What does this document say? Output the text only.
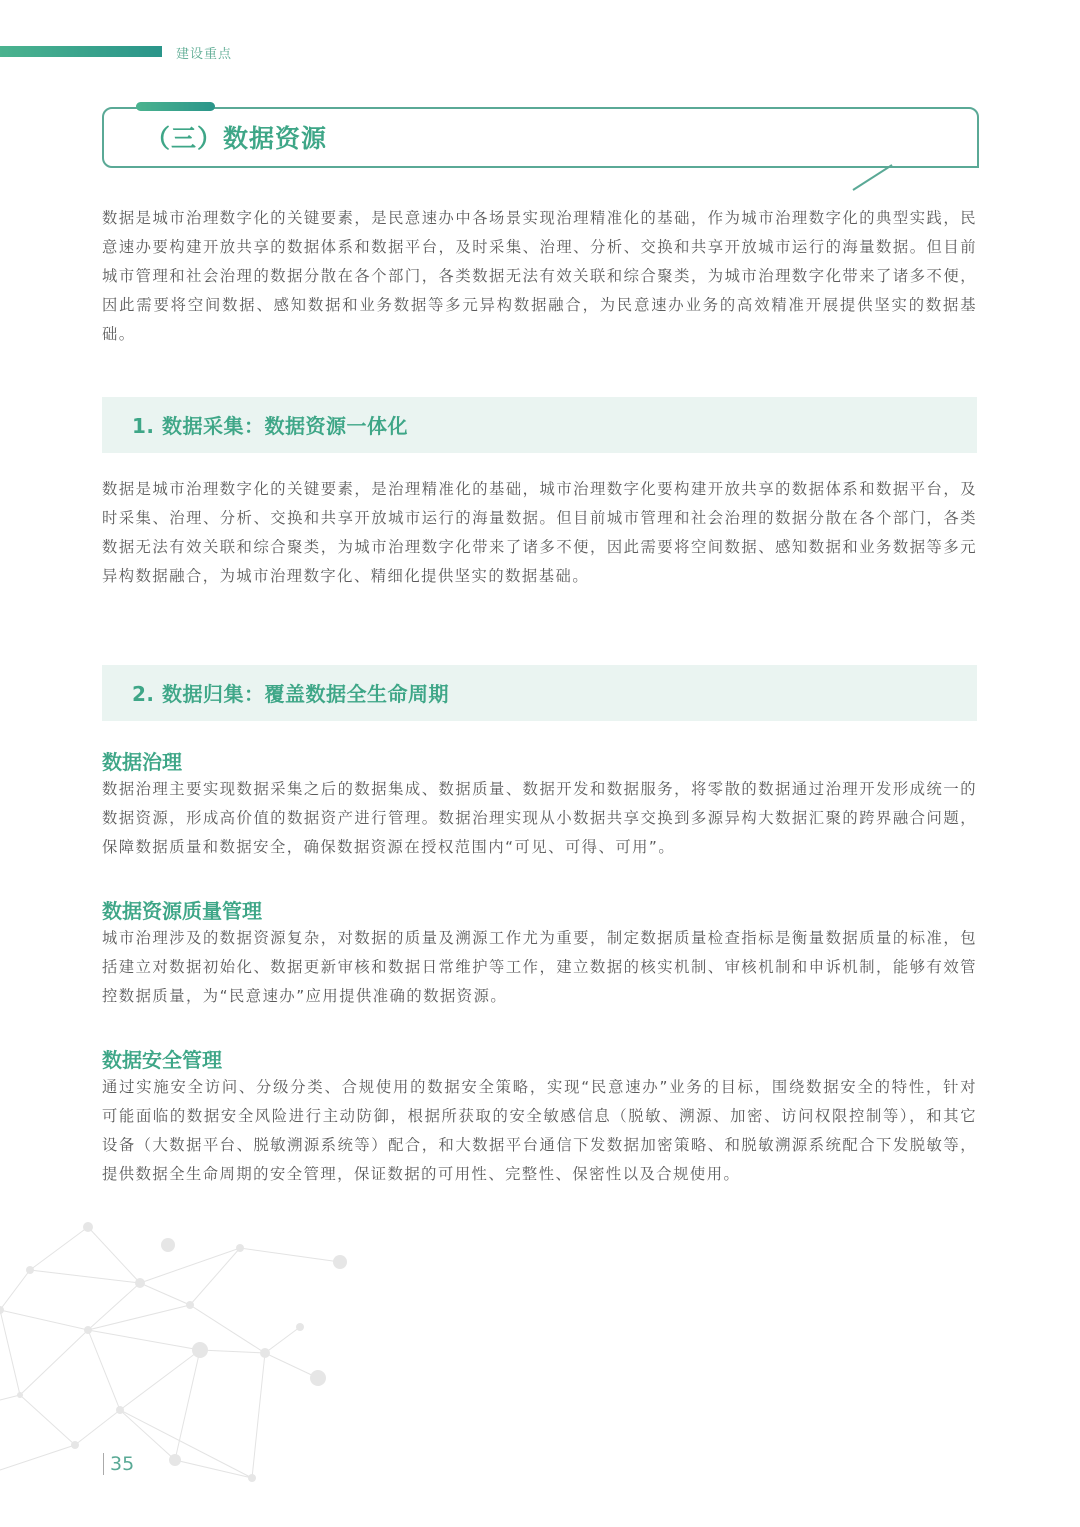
建设重点
（三）数据资源

数据是城市治理数字化的关键要素，是民意速办中各场景实现治理精准化的基础，作为城市治理数字化的典型实践，民意速办要构建开放共享的数据体系和数据平台，及时采集、治理、分析、交换和共享开放城市运行的海量数据。但目前城市管理和社会治理的数据分散在各个部门，各类数据无法有效关联和综合聚类，为城市治理数字化带来了诸多不便，因此需要将空间数据、感知数据和业务数据等多元异构数据融合，为民意速办业务的高效精准开展提供坚实的数据基础。

1. 数据采集：数据资源一体化

数据是城市治理数字化的关键要素，是治理精准化的基础，城市治理数字化要构建开放共享的数据体系和数据平台，及时采集、治理、分析、交换和共享开放城市运行的海量数据。但目前城市管理和社会治理的数据分散在各个部门，各类数据无法有效关联和综合聚类，为城市治理数字化带来了诸多不便，因此需要将空间数据、感知数据和业务数据等多元异构数据融合，为城市治理数字化、精细化提供坚实的数据基础。

2. 数据归集：覆盖数据全生命周期
数据治理

数据治理主要实现数据采集之后的数据集成、数据质量、数据开发和数据服务，将零散的数据通过治理开发形成统一的数据资源，形成高价值的数据资产进行管理。数据治理实现从小数据共享交换到多源异构大数据汇聚的跨界融合问题，保障数据质量和数据安全，确保数据资源在授权范围内“可见、可得、可用”。

数据资源质量管理

城市治理涉及的数据资源复杂，对数据的质量及溯源工作尤为重要，制定数据质量检查指标是衡量数据质量的标准，包括建立对数据初始化、数据更新审核和数据日常维护等工作，建立数据的核实机制、审核机制和申诉机制，能够有效管控数据质量，为“民意速办”应用提供准确的数据资源。

数据安全管理

通过实施安全访问、分级分类、合规使用的数据安全策略，实现“民意速办”业务的目标，围绕数据安全的特性，针对可能面临的数据安全风险进行主动防御，根据所获取的安全敏感信息（脱敏、溯源、加密、访问权限控制等），和其它设备（大数据平台、脱敏溯源系统等）配合，和大数据平台通信下发数据加密策略、和脱敏溯源系统配合下发脱敏等，提供数据全生命周期的安全管理，保证数据的可用性、完整性、保密性以及合规使用。

35
